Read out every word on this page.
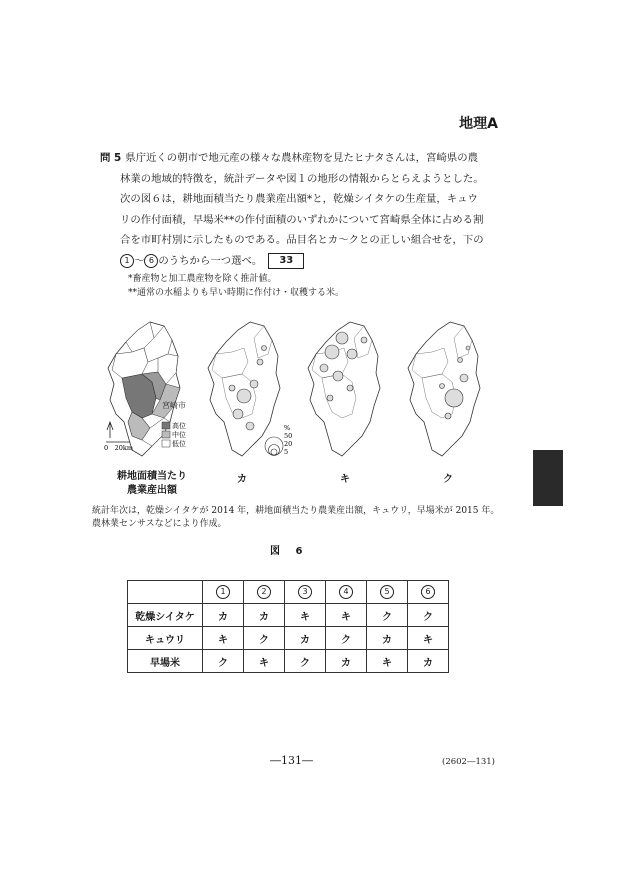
地理A

問 5 県庁近くの朝市で地元産の様々な農林産物を見たヒナタさんは，宮崎県の農

林業の地域的特徴を，統計データや図１の地形の情報からとらえようとした。

次の図６は，耕地面積当たり農業産出額*と，乾燥シイタケの生産量，キュウ

リの作付面積，早場米**の作付面積のいずれかについて宮崎県全体に占める割

合を市町村別に示したものである。品目名とカ～クとの正しい組合せを，下の

1 ～ 6 のうちから一つ選べ。 33

*畜産物と加工農産物を除く推計値。
**通常の水稲よりも早い時期に作付け・収穫する米。
宮崎市
高位
中位
低位
0　20km
%
50
20
5
耕地面積当たり
農業産出額
カ	キ	ク
統計年次は，乾燥シイタケが 2014 年，耕地面積当たり農業産出額，キュウリ，早場米が 2015 年。
農林業センサスなどにより作成。
図 6
	1	2	3	4	5	6
乾燥シイタケ	カ	カ	キ	キ	ク	ク
キュウリ	キ	ク	カ	ク	カ	キ
早場米	ク	キ	ク	カ	キ	カ
―131―	(2602―131)
